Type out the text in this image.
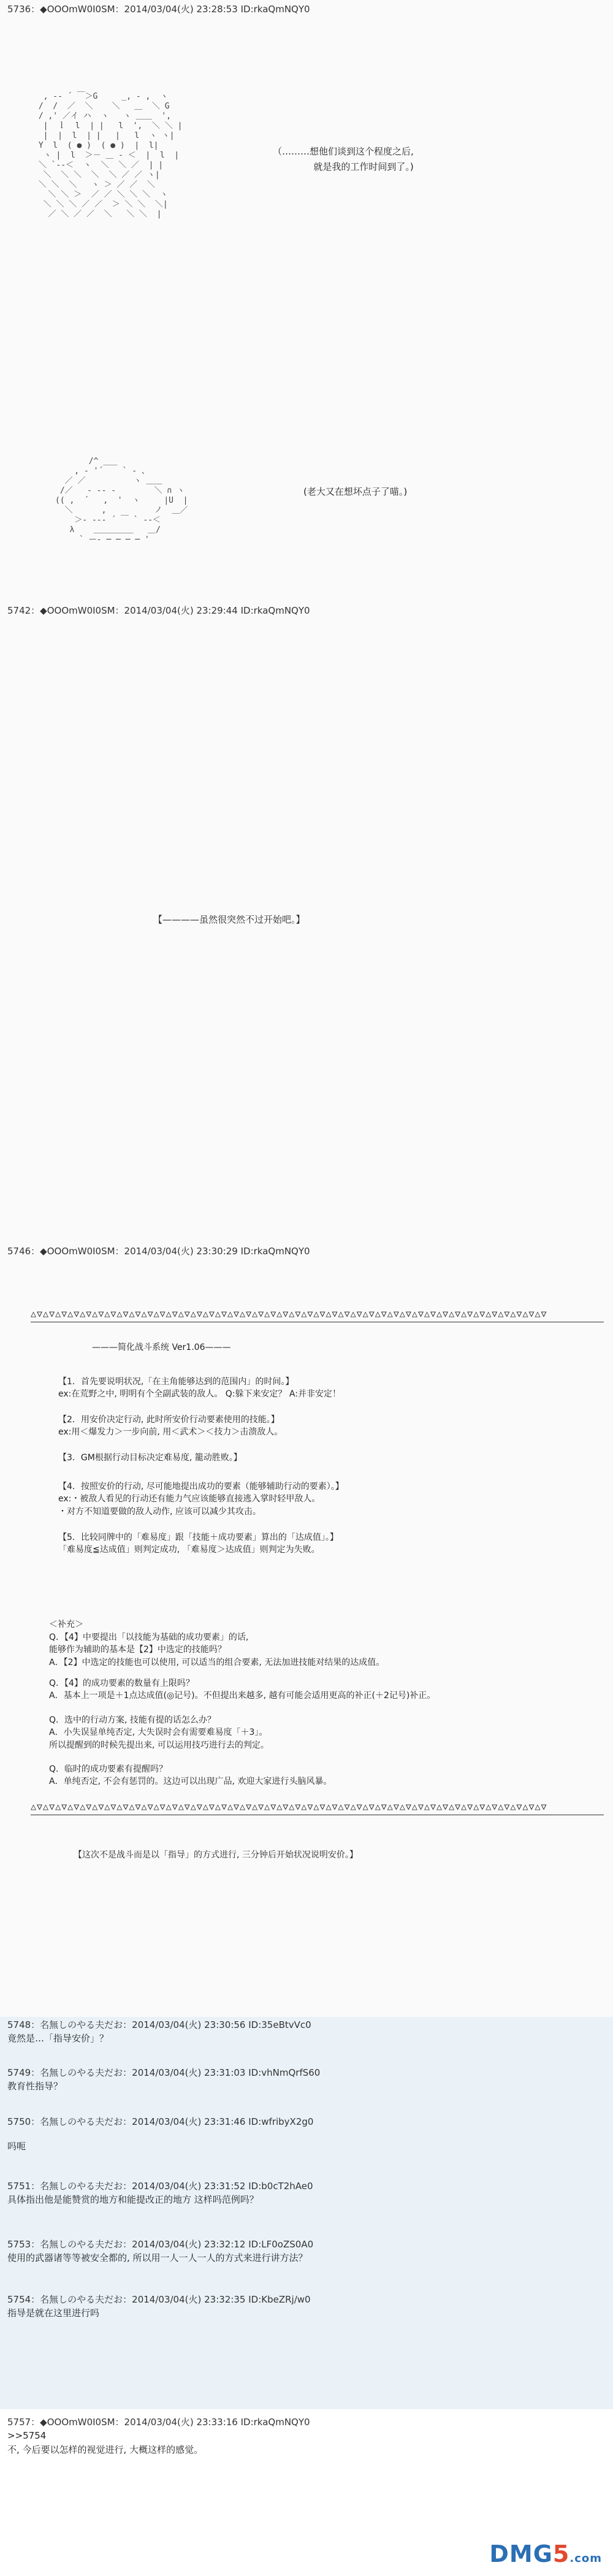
5736：◆OOOmW0I0SM：2014/03/04(火) 23:28:53 ID:rkaQmNQY0
, -‐ ´ ￣＞G     _, - ,  ヽ
/  /  ／  ＼    ＼   ＿  ＼ G
/ ,' ／イ ハ  ヽ   ヽ ＿＿  ',
|  ｌ  l  | |   l  ',  ＼ ＼ |
|  |  l  | |   |   l  ヽ ヽ|
Y  l  ( ● )  ( ● )  |  l|
ヽ |  l  ＞－ ＿ ‐ ＜  |  l  |
＼ `‐-＜  ヽ  ＼  ＼ ／  | |
＼  ＼ ＼  ＼  ＼ ／ ／ ヽ|
＼ ＼  ＼   ヽ ＞ ／ ／  ＼
＼ ＼ ＞  ／ ／ ＼ ＼ ＼  ヽ
＼ ＼ ＼ ／ ／  ＞ ＼ ＼  ＼|
／ ＼ ／ ／  ＼   ＼ ＼  |
（………想他们谈到这个程度之后,
就是我的工作时间到了。)
/^ ___
, ‐ '´    ` ‐ 、
／ ／          ヽ ＿＿
/／   ‐ -‐ ‐        ＼ ∩ ヽ
(( ,  ´   ,  '  ヽ     |U  |
＼      ,          ノ  ＿／
＞- -‐‐ ´ ￣ ` ‐-＜
λ    ＿＿＿＿＿   ＿/
` ー- ─ ─ ─ ─ '
(老大又在想坏点子了喵。)
5742：◆OOOmW0I0SM：2014/03/04(火) 23:29:44 ID:rkaQmNQY0
【————虽然很突然不过开始吧。】
5746：◆OOOmW0I0SM：2014/03/04(火) 23:30:29 ID:rkaQmNQY0
△▽△▽△▽△▽△▽△▽△▽△▽△▽△▽△▽△▽△▽△▽△▽△▽△▽△▽△▽△▽△▽△▽△▽△▽△▽△▽△▽△▽△▽△▽△▽△▽△▽△▽△▽△▽△▽△▽△▽△▽△▽△▽
———简化战斗系统 Ver1.06———
【1．首先要说明状况,「在主角能够达到的范围内」的时间。】
ex:在荒野之中, 明明有个全副武装的敌人。 Q:躲下来安定？ A:并非安定！
【2．用安价决定行动, 此时所安价行动要素使用的技能。】
ex:用＜爆发力＞一步向前, 用＜武术＞＜技力＞击溃敌人。
【3．GM根据行动目标决定难易度, 籠动胜败。】
【4．按照安价的行动, 尽可能地提出成功的要素（能够辅助行动的要素）。】
ex:・被敌人看见的行动还有能力气应该能够直接逃入掌时轻甲敌人。
・对方不知道要做的敌人动作, 应该可以减少其攻击。
【5．比较同牌中的「难易度」跟「技能＋成功要素」算出的「达成值」。】
「难易度≦达成值」则判定成功, 「难易度＞达成值」则判定为失败。
＜补充＞
Q．【4】中要提出「以技能为基础的成功要素」的话,
能够作为辅助的基本是【2】中选定的技能吗？
A．【2】中选定的技能也可以使用, 可以适当的组合要素, 无法加进技能对结果的达成值。
Q．【4】的成功要素的数量有上限吗？
A．基本上一项是＋1点达成值(◎记号)。不但提出来越多, 越有可能会适用更高的补正(＋2记号)补正。
Q．选中的行动方案, 技能有提的话怎么办？
A．小失误显单纯否定, 大失误时会有需要难易度「＋3」。
所以提醒到的时候先提出来, 可以运用技巧进行去的判定。
Q．临时的成功要素有提醒吗？
A．单纯否定, 不会有惩罚的。这边可以出现广品, 欢迎大家进行头脑风暴。
△▽△▽△▽△▽△▽△▽△▽△▽△▽△▽△▽△▽△▽△▽△▽△▽△▽△▽△▽△▽△▽△▽△▽△▽△▽△▽△▽△▽△▽△▽△▽△▽△▽△▽△▽△▽△▽△▽△▽△▽△▽△▽
【这次不是战斗而是以「指导」的方式进行, 三分钟后开始状况说明安价。】
5748：名無しのやる夫だお：2014/03/04(火) 23:30:56 ID:35eBtvVc0
竟然是…「指导安价」？
5749：名無しのやる夫だお：2014/03/04(火) 23:31:03 ID:vhNmQrfS60
教育性指导？
5750：名無しのやる夫だお：2014/03/04(火) 23:31:46 ID:wfribyX2g0
吗呃
5751：名無しのやる夫だお：2014/03/04(火) 23:31:52 ID:b0cT2hAe0
具体指出他是能赞赏的地方和能提改正的地方 这样吗范例吗？
5753：名無しのやる夫だお：2014/03/04(火) 23:32:12 ID:LF0oZS0A0
使用的武器诸等等被安全都的, 所以用一人一人一人的方式来进行讲方法？
5754：名無しのやる夫だお：2014/03/04(火) 23:32:35 ID:KbeZRj/w0
指导是就在这里进行吗
5757：◆OOOmW0I0SM：2014/03/04(火) 23:33:16 ID:rkaQmNQY0
>>5754
不, 今后要以怎样的视觉进行, 大概这样的感觉。
DMG5.com
